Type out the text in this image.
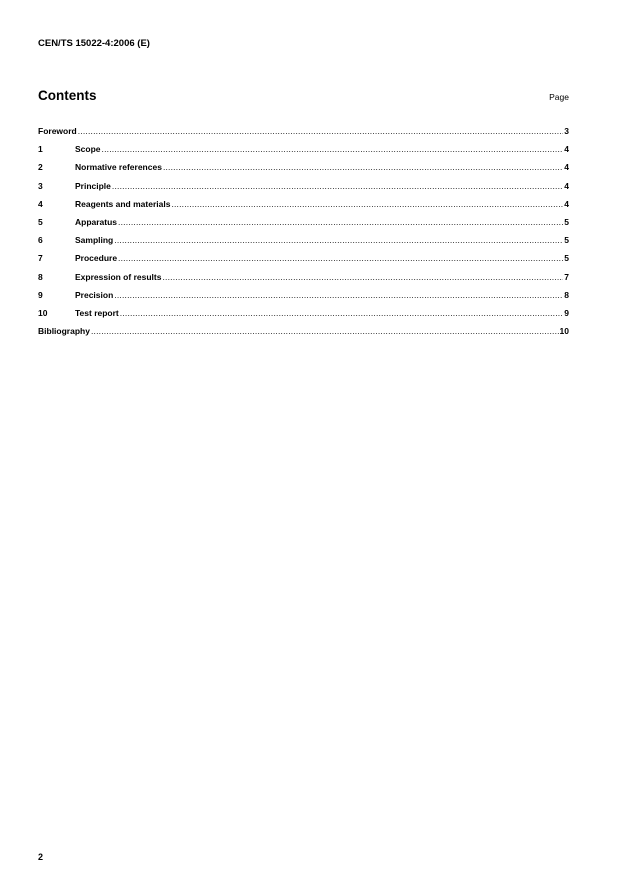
CEN/TS 15022-4:2006 (E)
Contents	Page
Foreword .....	3
1	Scope .....	4
2	Normative references .....	4
3	Principle .....	4
4	Reagents and materials .....	4
5	Apparatus .....	5
6	Sampling .....	5
7	Procedure .....	5
8	Expression of results .....	7
9	Precision .....	8
10	Test report .....	9
Bibliography .....	10
2
